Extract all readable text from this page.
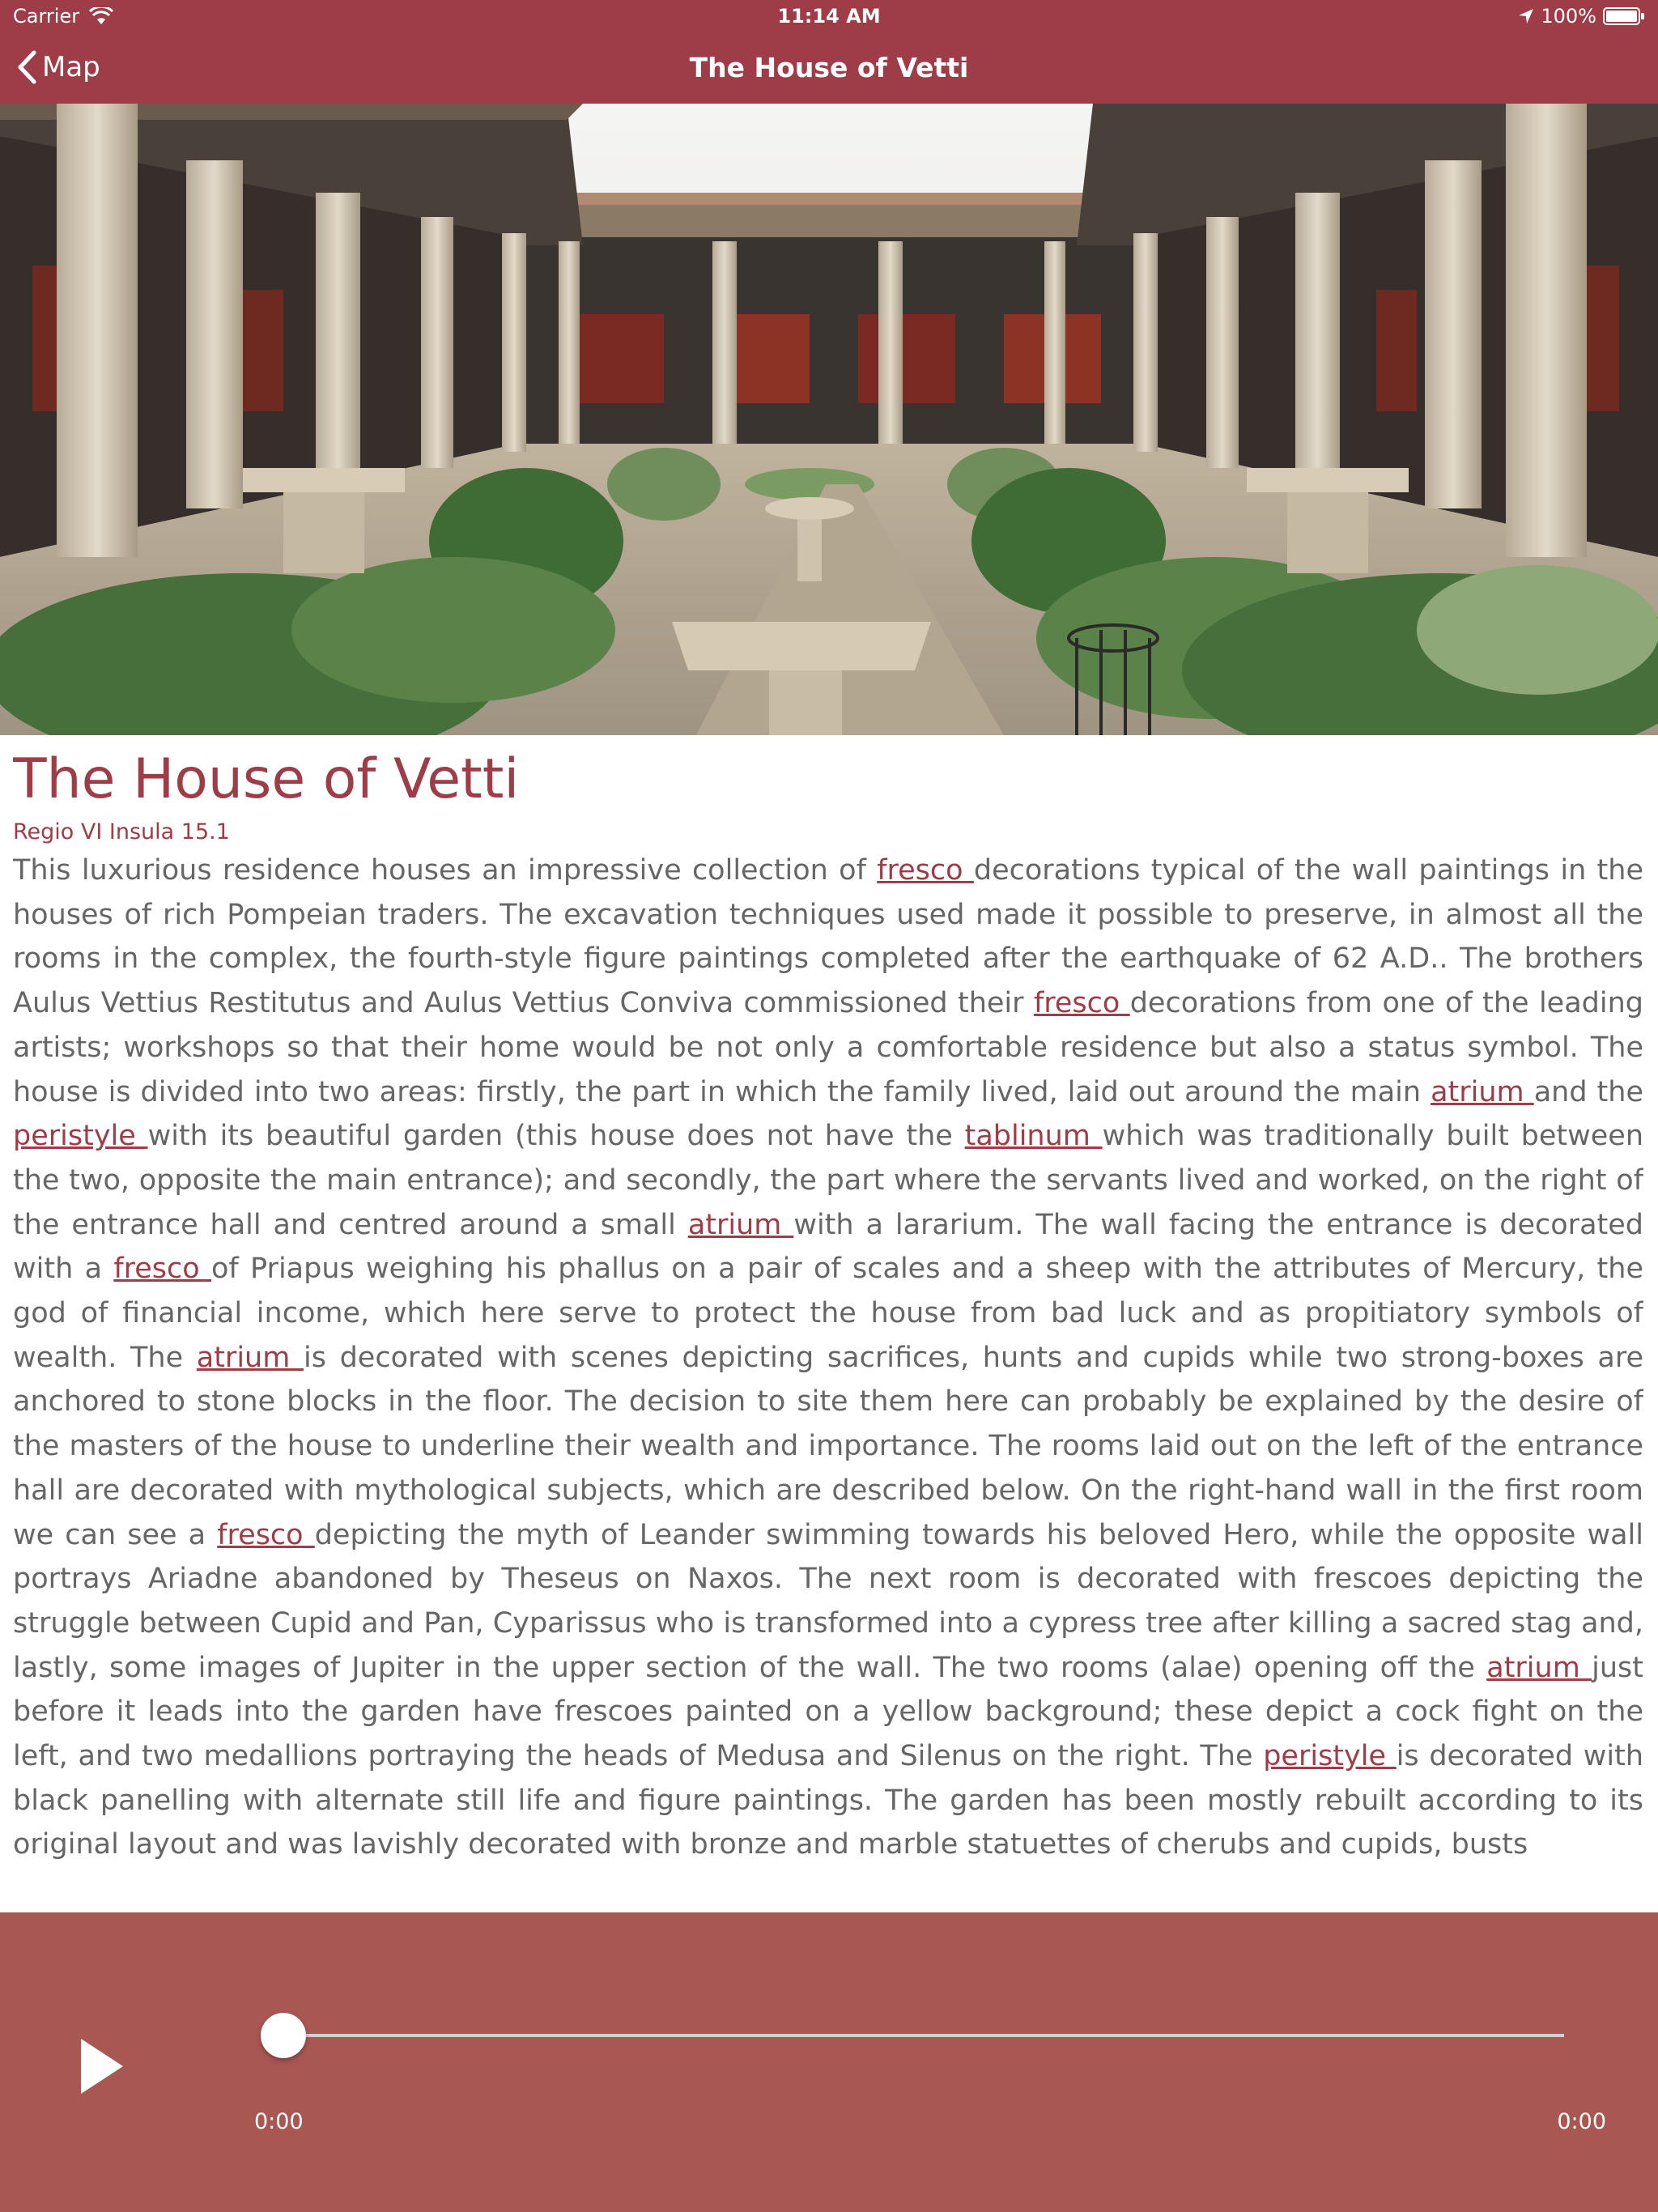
Carrier	11:14 AM	100%
Map	The House of Vetti
The House of Vetti

Regio VI Insula 15.1

This luxurious residence houses an impressive collection of fresco decorations typical of the wall paintings in the houses of rich Pompeian traders. The excavation techniques used made it possible to preserve, in almost all the rooms in the complex, the fourth-style figure paintings completed after the earthquake of 62 A.D.. The brothers Aulus Vettius Restitutus and Aulus Vettius Conviva commissioned their fresco decorations from one of the leading artists; workshops so that their home would be not only a comfortable residence but also a status symbol. The house is divided into two areas: firstly, the part in which the family lived, laid out around the main atrium and the peristyle with its beautiful garden (this house does not have the tablinum which was traditionally built between the two, opposite the main entrance); and secondly, the part where the servants lived and worked, on the right of the entrance hall and centred around a small atrium with a lararium. The wall facing the entrance is decorated with a fresco of Priapus weighing his phallus on a pair of scales and a sheep with the attributes of Mercury, the god of financial income, which here serve to protect the house from bad luck and as propitiatory symbols of wealth. The atrium is decorated with scenes depicting sacrifices, hunts and cupids while two strong-boxes are anchored to stone blocks in the floor. The decision to site them here can probably be explained by the desire of the masters of the house to underline their wealth and importance. The rooms laid out on the left of the entrance hall are decorated with mythological subjects, which are described below. On the right-hand wall in the first room we can see a fresco depicting the myth of Leander swimming towards his beloved Hero, while the opposite wall portrays Ariadne abandoned by Theseus on Naxos. The next room is decorated with frescoes depicting the struggle between Cupid and Pan, Cyparissus who is transformed into a cypress tree after killing a sacred stag and, lastly, some images of Jupiter in the upper section of the wall. The two rooms (alae) opening off the atrium just before it leads into the garden have frescoes painted on a yellow background; these depict a cock fight on the left, and two medallions portraying the heads of Medusa and Silenus on the right. The peristyle is decorated with black panelling with alternate still life and figure paintings. The garden has been mostly rebuilt according to its original layout and was lavishly decorated with bronze and marble statuettes of cherubs and cupids, busts

0:00	0:00
